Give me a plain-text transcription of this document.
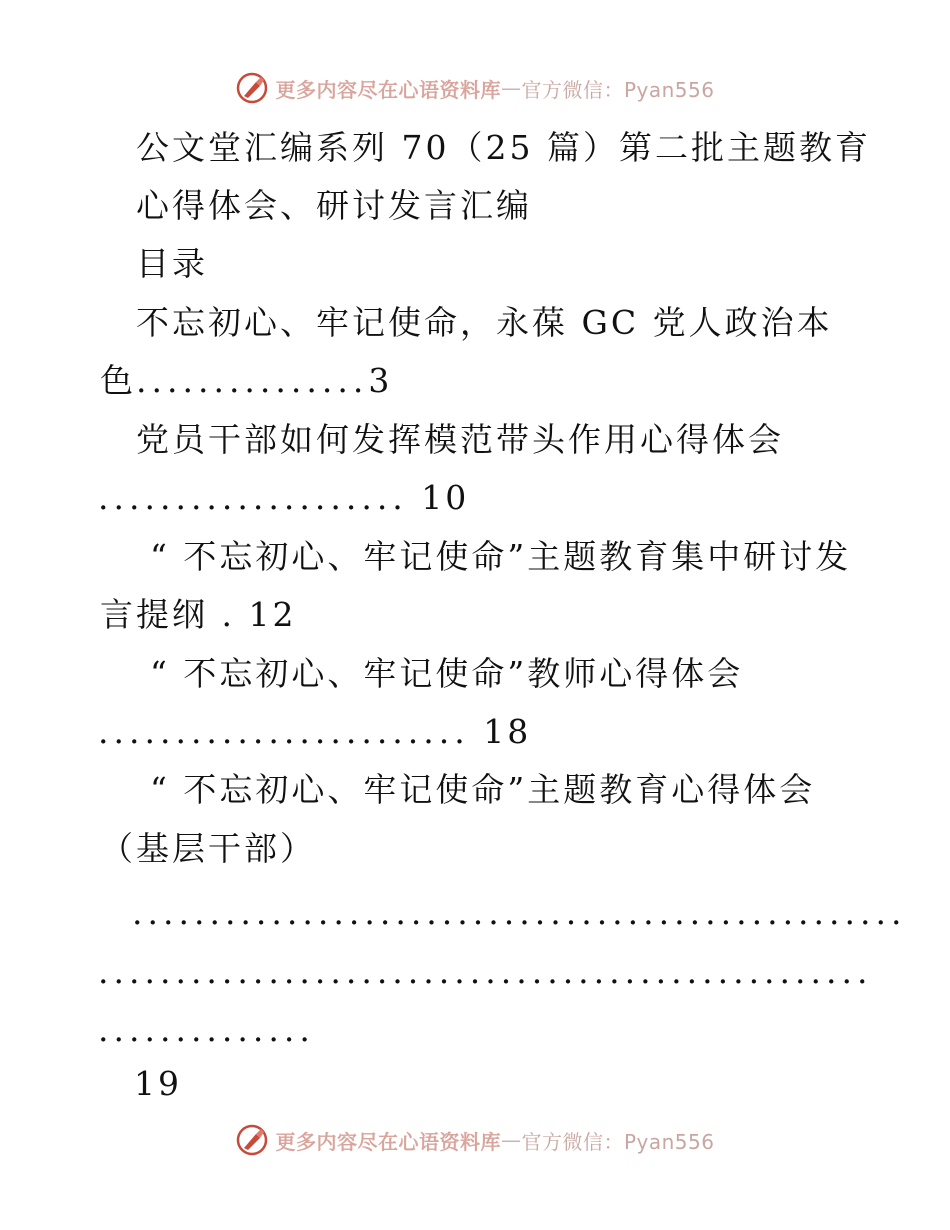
更多内容尽在心语资料库 — 官方微信：Pyan556
公文堂汇编系列 70（25 篇）第二批主题教育
心得体会、研讨发言汇编
目录
不忘初心、牢记使命，永葆 GC 党人政治本
色...............3
党员干部如何发挥模范带头作用心得体会
.................... 10
“ 不忘初心、牢记使命”主题教育集中研讨发
言提纲 . 12
“ 不忘初心、牢记使命”教师心得体会
........................ 18
“ 不忘初心、牢记使命”主题教育心得体会
（基层干部）
..................................................
..................................................
..............
19
更多内容尽在心语资料库 — 官方微信：Pyan556
